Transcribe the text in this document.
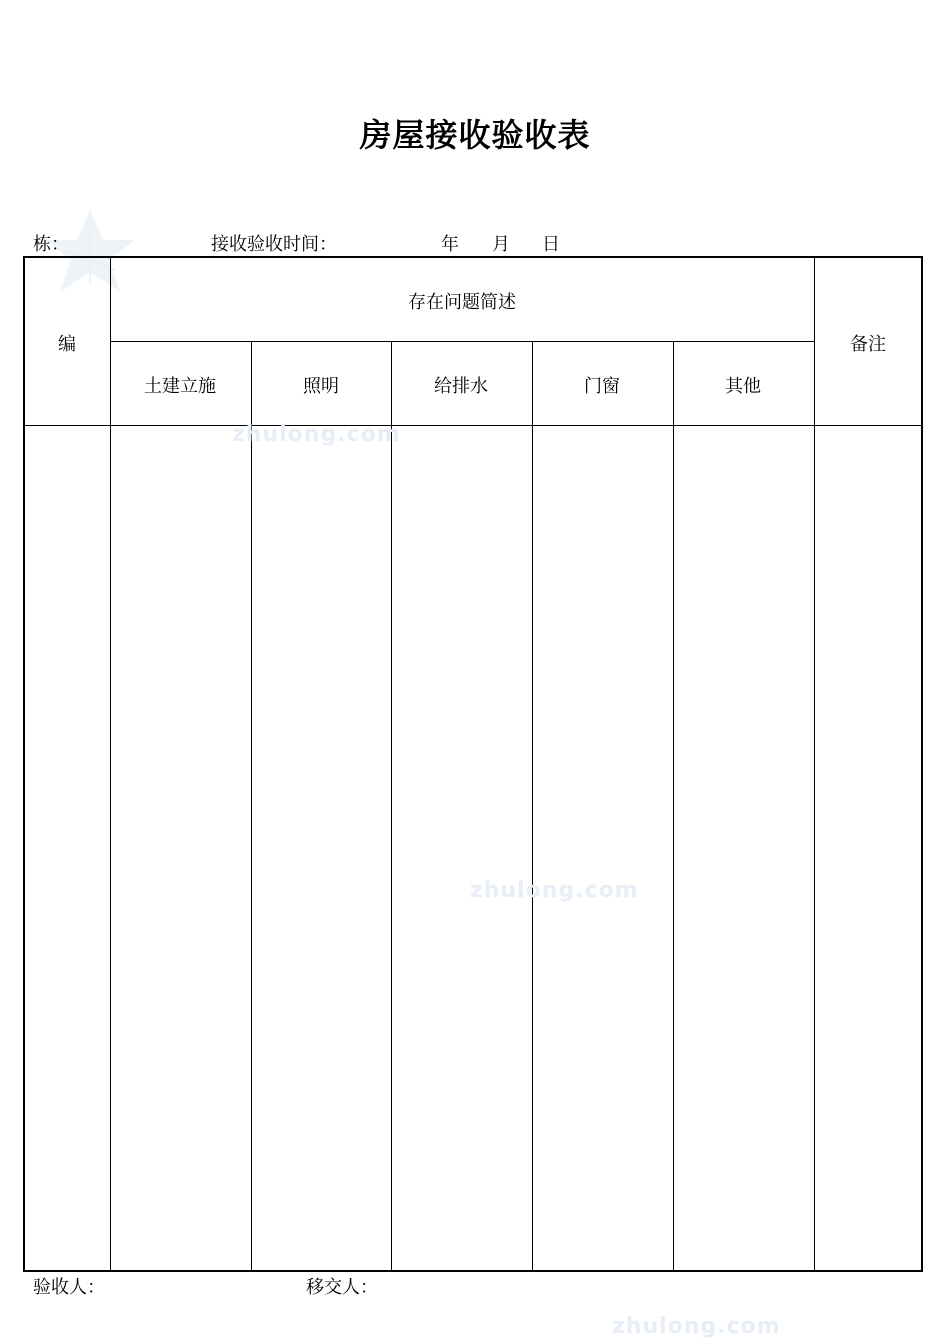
房屋接收验收表
栋：	接收验收时间：	年 月 日
编
存在问题简述
备注
土建立施	照明	给排水	门窗	其他
zhulong.com
zhulong.com
zhulong.com
验收人：	移交人：
